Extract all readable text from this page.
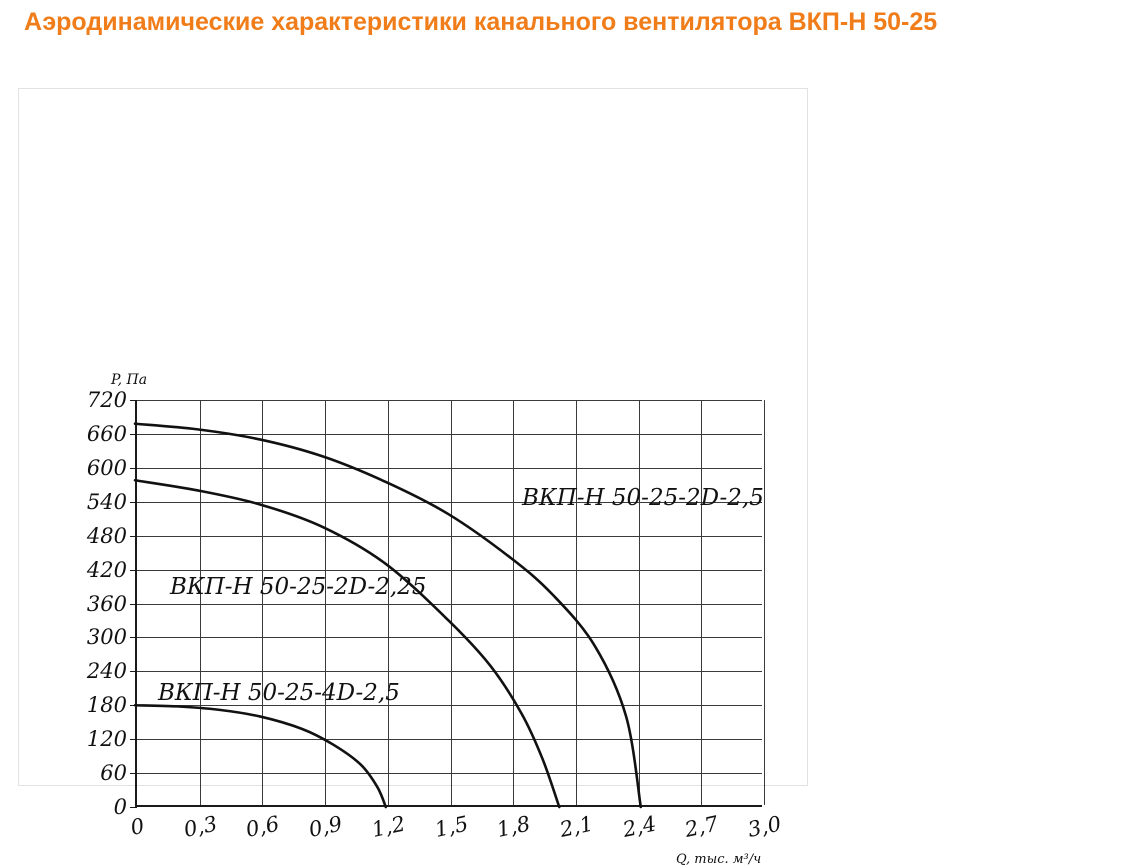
Аэродинамические характеристики канального вентилятора ВКП-Н 50-25
P, Па
Q, тыс. м³/ч
0
60
120
180
240
300
360
420
480
540
600
660
720
0 0,3 0,6 0,9 1,2 1,5 1,8 2,1 2,4 2,7 3,0
ВКП-Н 50-25-2D-2,5
ВКП-Н 50-25-2D-2,25
ВКП-Н 50-25-4D-2,5
